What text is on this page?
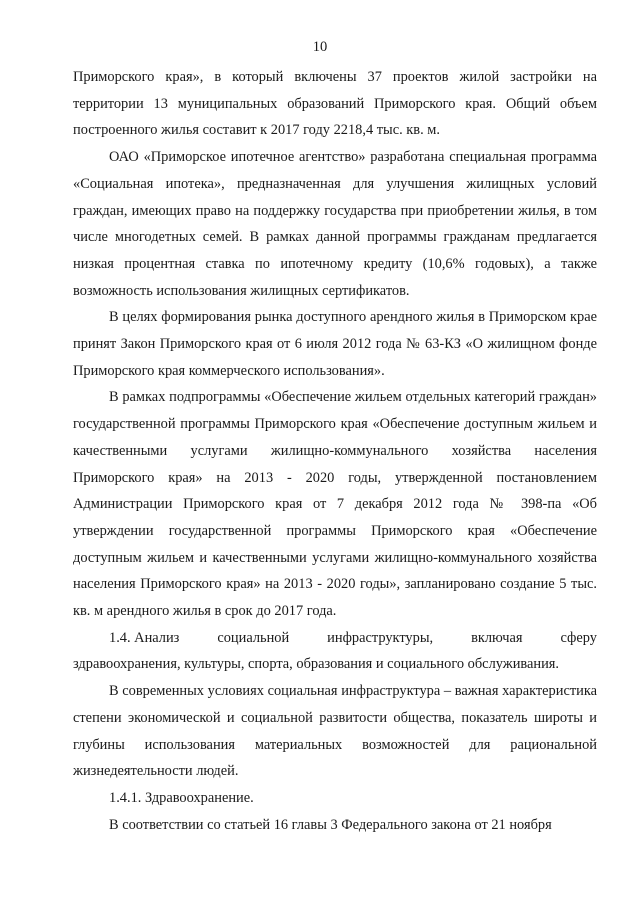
10

Приморского края», в который включены 37 проектов жилой застройки на территории 13 муниципальных образований Приморского края. Общий объем построенного жилья составит к 2017 году 2218,4 тыс. кв. м.

ОАО «Приморское ипотечное агентство» разработана специальная программа «Социальная ипотека», предназначенная для улучшения жилищных условий граждан, имеющих право на поддержку государства при приобретении жилья, в том числе многодетных семей. В рамках данной программы гражданам предлагается низкая процентная ставка по ипотечному кредиту (10,6% годовых), а также возможность использования жилищных сертификатов.

В целях формирования рынка доступного арендного жилья в Приморском крае принят Закон Приморского края от 6 июля 2012 года № 63-КЗ «О жилищном фонде Приморского края коммерческого использования».

В рамках подпрограммы «Обеспечение жильем отдельных категорий граждан» государственной программы Приморского края «Обеспечение доступным жильем и качественными услугами жилищно-коммунального хозяйства населения Приморского края» на 2013 - 2020 годы, утвержденной постановлением Администрации Приморского края от 7 декабря 2012 года № 398-па «Об утверждении государственной программы Приморского края «Обеспечение доступным жильем и качественными услугами жилищно-коммунального хозяйства населения Приморского края» на 2013 - 2020 годы», запланировано создание 5 тыс. кв. м арендного жилья в срок до 2017 года.

1.4. Анализ	социальной	инфраструктуры,	включая	сферу

здравоохранения, культуры, спорта, образования и социального обслуживания.

В современных условиях социальная инфраструктура – важная характеристика степени экономической и социальной развитости общества, показатель широты и глубины использования материальных возможностей для рациональной жизнедеятельности людей.

1.4.1. Здравоохранение.

В соответствии со статьей 16 главы 3 Федерального закона от 21 ноября
